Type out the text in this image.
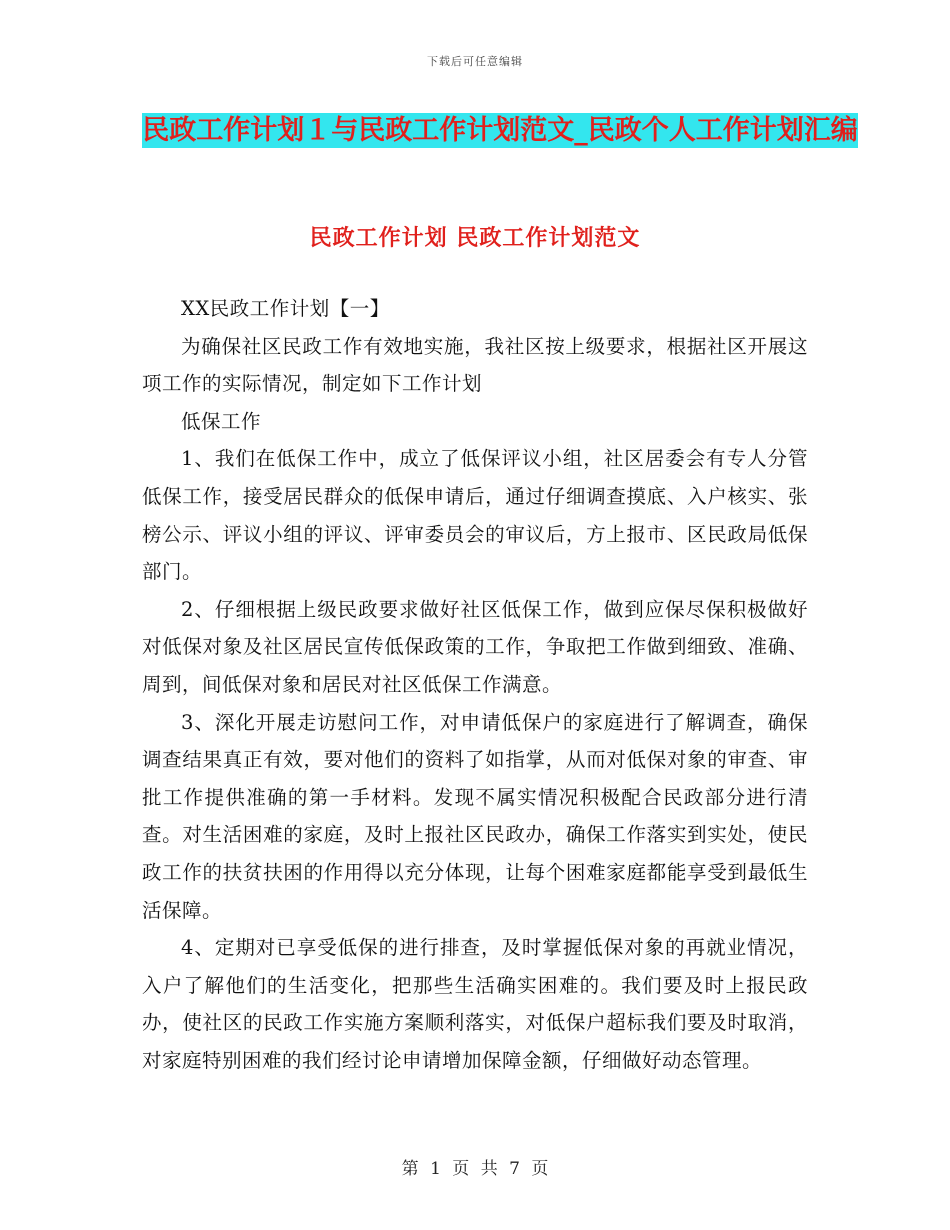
下载后可任意编辑
民政工作计划１与民政工作计划范文_民政个人工作计划汇编
民政工作计划 民政工作计划范文

XX民政工作计划【一】

为确保社区民政工作有效地实施，我社区按上级要求，根据社区开展这项工作的实际情况，制定如下工作计划

低保工作

1、我们在低保工作中，成立了低保评议小组，社区居委会有专人分管低保工作，接受居民群众的低保申请后，通过仔细调查摸底、入户核实、张榜公示、评议小组的评议、评审委员会的审议后，方上报市、区民政局低保部门。

2、仔细根据上级民政要求做好社区低保工作，做到应保尽保积极做好对低保对象及社区居民宣传低保政策的工作，争取把工作做到细致、准确、周到，间低保对象和居民对社区低保工作满意。

3、深化开展走访慰问工作，对申请低保户的家庭进行了解调查，确保调查结果真正有效，要对他们的资料了如指掌，从而对低保对象的审查、审批工作提供准确的第一手材料。发现不属实情况积极配合民政部分进行清查。对生活困难的家庭，及时上报社区民政办，确保工作落实到实处，使民政工作的扶贫扶困的作用得以充分体现，让每个困难家庭都能享受到最低生活保障。

4、定期对已享受低保的进行排查，及时掌握低保对象的再就业情况，入户了解他们的生活变化，把那些生活确实困难的。我们要及时上报民政办，使社区的民政工作实施方案顺利落实，对低保户超标我们要及时取消，对家庭特别困难的我们经讨论申请增加保障金额，仔细做好动态管理。

第 1 页 共 7 页
